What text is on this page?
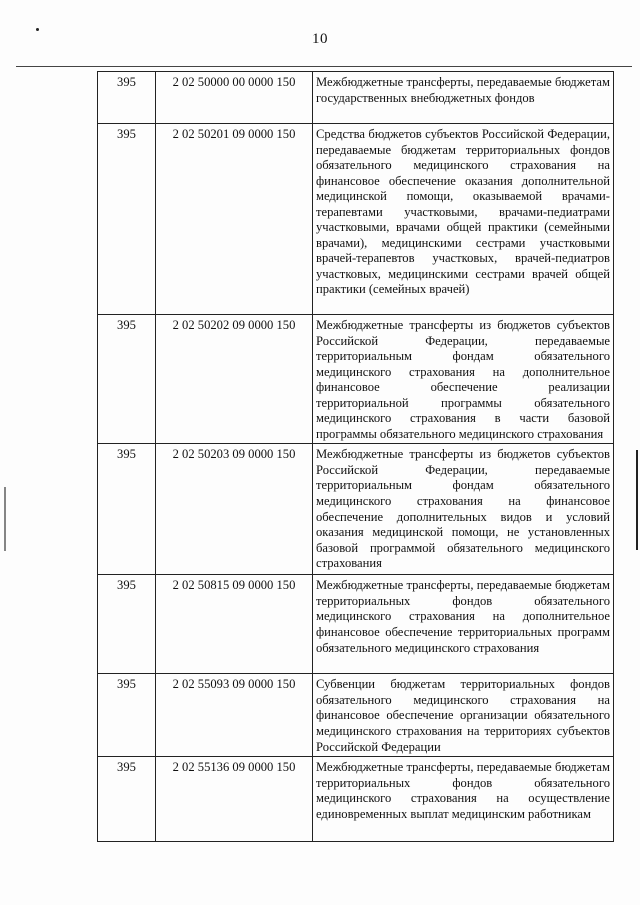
10
395	2 02 50000 00 0000 150	Межбюджетные трансферты, передаваемые бюджетам государственных внебюджетных фондов
395	2 02 50201 09 0000 150	Средства бюджетов субъектов Российской Федерации, передаваемые бюджетам территориальных фондов обязательного медицинского страхования на финансовое обеспечение оказания дополнительной медицинской помощи, оказываемой врачами-терапевтами участковыми, врачами-педиатрами участковыми, врачами общей практики (семейными врачами), медицинскими сестрами участковыми врачей-терапевтов участковых, врачей-педиатров участковых, медицинскими сестрами врачей общей практики (семейных врачей)
395	2 02 50202 09 0000 150	Межбюджетные трансферты из бюджетов субъектов Российской Федерации, передаваемые территориальным фондам обязательного медицинского страхования на дополнительное финансовое обеспечение реализации территориальной программы обязательного медицинского страхования в части базовой программы обязательного медицинского страхования
395	2 02 50203 09 0000 150	Межбюджетные трансферты из бюджетов субъектов Российской Федерации, передаваемые территориальным фондам обязательного медицинского страхования на финансовое обеспечение дополнительных видов и условий оказания медицинской помощи, не установленных базовой программой обязательного медицинского страхования
395	2 02 50815 09 0000 150	Межбюджетные трансферты, передаваемые бюджетам территориальных фондов обязательного медицинского страхования на дополнительное финансовое обеспечение территориальных программ обязательного медицинского страхования
395	2 02 55093 09 0000 150	Субвенции бюджетам территориальных фондов обязательного медицинского страхования на финансовое обеспечение организации обязательного медицинского страхования на территориях субъектов Российской Федерации
395	2 02 55136 09 0000 150	Межбюджетные трансферты, передаваемые бюджетам территориальных фондов обязательного медицинского страхования на осуществление единовременных выплат медицинским работникам
